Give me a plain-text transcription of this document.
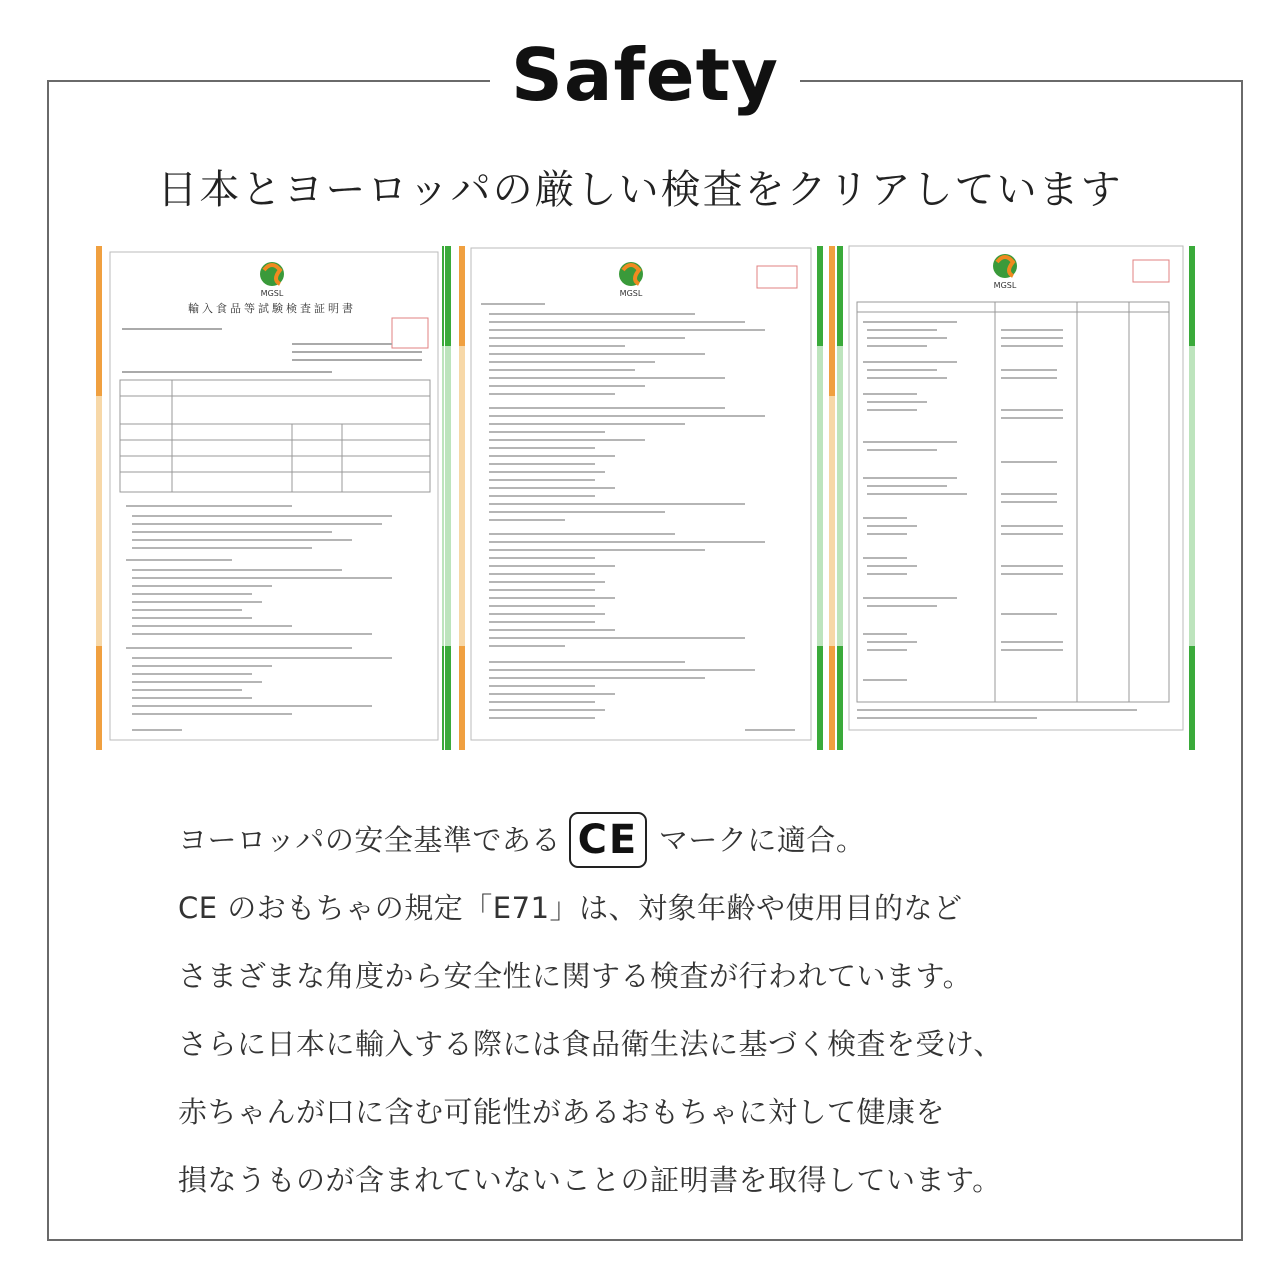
Safety
日本とヨーロッパの厳しい検査をクリアしています
MGSL
輸入食品等試験検査証明書
MGSL
MGSL
ヨーロッパの安全基準である CE マークに適合。
CE のおもちゃの規定「E71」は、対象年齢や使用目的など
さまざまな角度から安全性に関する検査が行われています。
さらに日本に輸入する際には食品衛生法に基づく検査を受け、
赤ちゃんが口に含む可能性があるおもちゃに対して健康を
損なうものが含まれていないことの証明書を取得しています。
